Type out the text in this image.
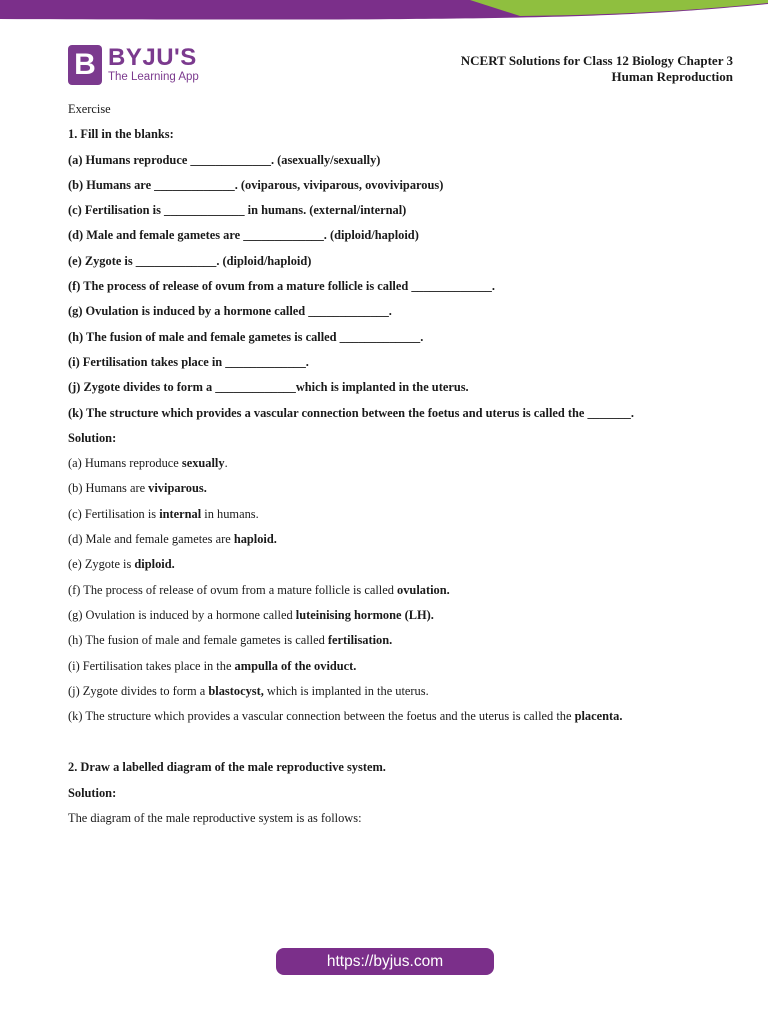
B BYJU'S
The Learning App
NCERT Solutions for Class 12 Biology Chapter 3
Human Reproduction
Exercise
1. Fill in the blanks:
(a) Humans reproduce _____________. (asexually/sexually)
(b) Humans are _____________. (oviparous, viviparous, ovoviviparous)
(c) Fertilisation is _____________ in humans. (external/internal)
(d) Male and female gametes are _____________. (diploid/haploid)
(e) Zygote is _____________. (diploid/haploid)
(f) The process of release of ovum from a mature follicle is called _____________.
(g) Ovulation is induced by a hormone called _____________.
(h) The fusion of male and female gametes is called _____________.
(i) Fertilisation takes place in _____________.
(j) Zygote divides to form a _____________which is implanted in the uterus.
(k) The structure which provides a vascular connection between the foetus and uterus is called the _______.
Solution:
(a) Humans reproduce sexually.
(b) Humans are viviparous.
(c) Fertilisation is internal in humans.
(d) Male and female gametes are haploid.
(e) Zygote is diploid.
(f) The process of release of ovum from a mature follicle is called ovulation.
(g) Ovulation is induced by a hormone called luteinising hormone (LH).
(h) The fusion of male and female gametes is called fertilisation.
(i) Fertilisation takes place in the ampulla of the oviduct.
(j) Zygote divides to form a blastocyst, which is implanted in the uterus.
(k) The structure which provides a vascular connection between the foetus and the uterus is called the placenta.
2. Draw a labelled diagram of the male reproductive system.
Solution:
The diagram of the male reproductive system is as follows:
https://byjus.com
